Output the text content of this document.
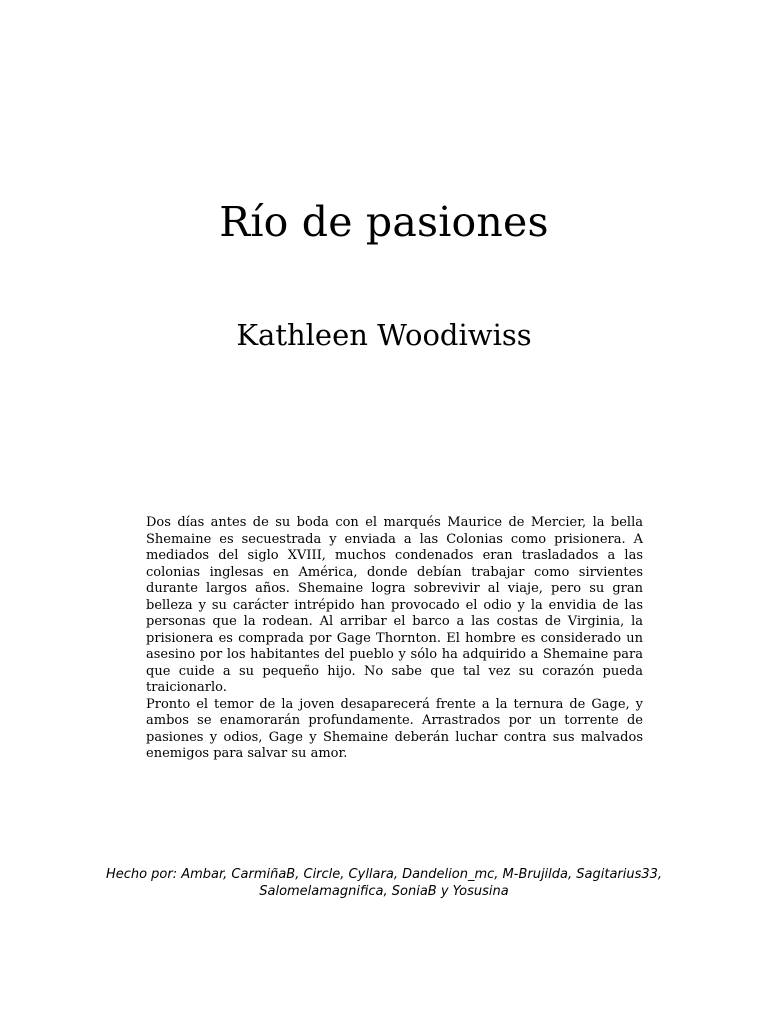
Río de pasiones
Kathleen Woodiwiss

Dos días antes de su boda con el marqués Maurice de Mercier, la bella Shemaine es secuestrada y enviada a las Colonias como prisionera. A mediados del siglo XVIII, muchos condenados eran trasladados a las colonias inglesas en América, donde debían trabajar como sirvientes durante largos años. Shemaine logra sobrevivir al viaje, pero su gran belleza y su carácter intrépido han provocado el odio y la envidia de las personas que la rodean. Al arribar el barco a las costas de Virginia, la prisionera es comprada por Gage Thornton. El hombre es considerado un asesino por los habitantes del pueblo y sólo ha adquirido a Shemaine para que cuide a su pequeño hijo. No sabe que tal vez su corazón pueda traicionarlo.

Pronto el temor de la joven desaparecerá frente a la ternura de Gage, y ambos se enamorarán profundamente. Arrastrados por un torrente de pasiones y odios, Gage y Shemaine deberán luchar contra sus malvados enemigos para salvar su amor.

Hecho por: Ambar, CarmiñaB, Circle, Cyllara, Dandelion_mc, M-Brujilda, Sagitarius33,
Salomelamagnifica, SoniaB y Yosusina
